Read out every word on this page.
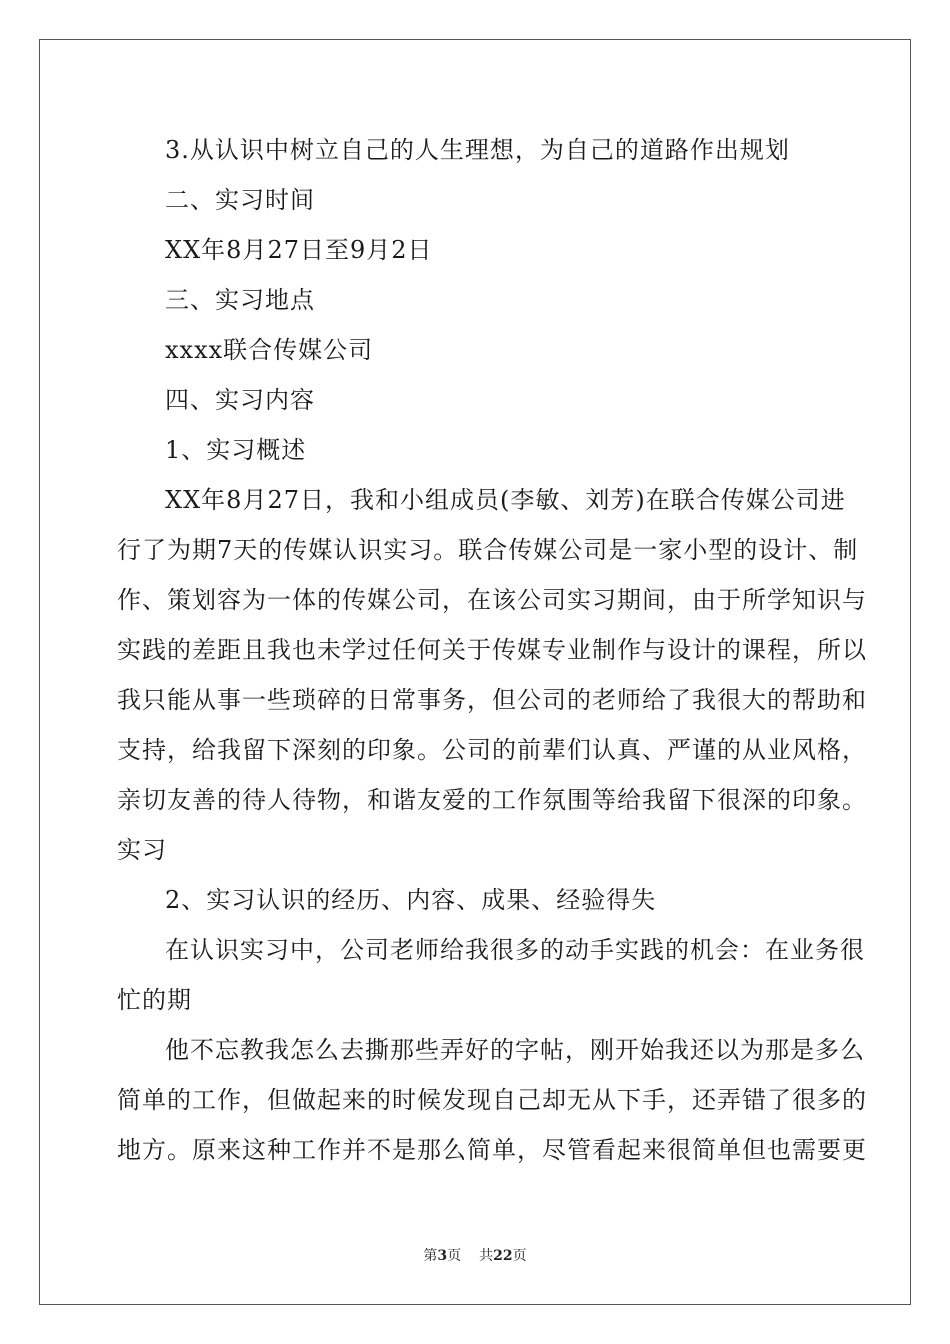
3.从认识中树立自己的人生理想，为自己的道路作出规划
二、实习时间
XX年8月27日至9月2日
三、实习地点
xxxx联合传媒公司
四、实习内容
1、实习概述
XX年8月27日，我和小组成员(李敏、刘芳)在联合传媒公司进
行了为期7天的传媒认识实习。联合传媒公司是一家小型的设计、制
作、策划容为一体的传媒公司，在该公司实习期间，由于所学知识与
实践的差距且我也未学过任何关于传媒专业制作与设计的课程，所以
我只能从事一些琐碎的日常事务，但公司的老师给了我很大的帮助和
支持，给我留下深刻的印象。公司的前辈们认真、严谨的从业风格，
亲切友善的待人待物，和谐友爱的工作氛围等给我留下很深的印象。
实习
2、实习认识的经历、内容、成果、经验得失
在认识实习中，公司老师给我很多的动手实践的机会：在业务很
忙的期
他不忘教我怎么去撕那些弄好的字帖，刚开始我还以为那是多么
简单的工作，但做起来的时候发现自己却无从下手，还弄错了很多的
地方。原来这种工作并不是那么简单，尽管看起来很简单但也需要更
第3页 共22页
